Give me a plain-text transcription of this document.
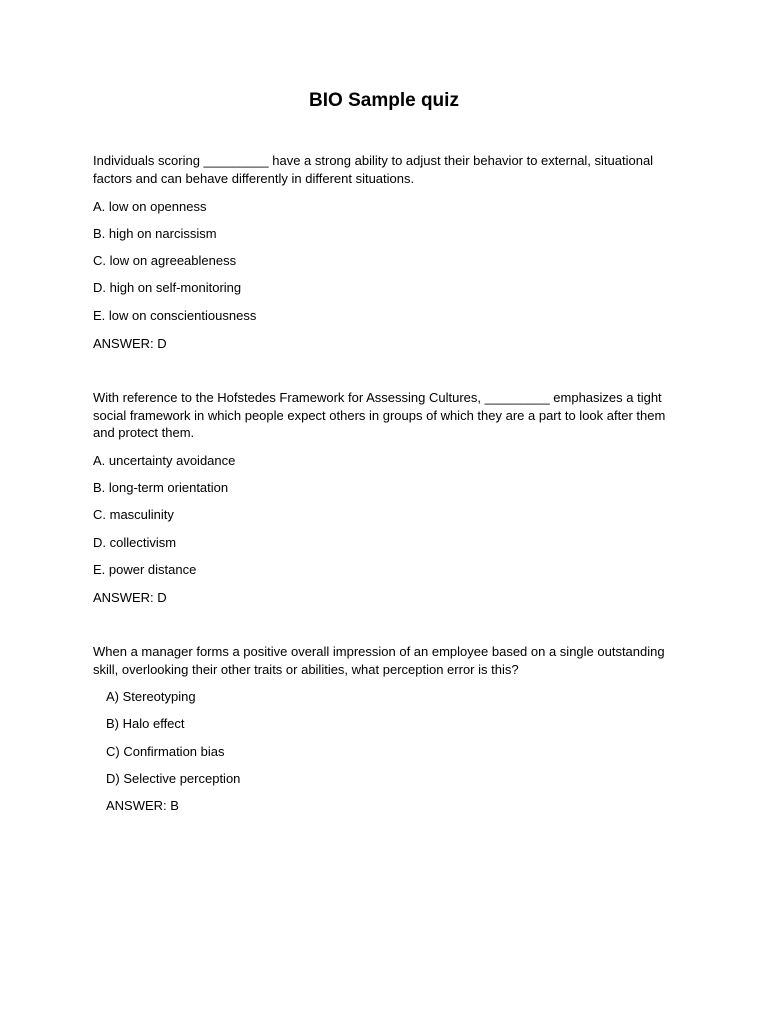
BIO Sample quiz
Individuals scoring _________ have a strong ability to adjust their behavior to external, situational
factors and can behave differently in different situations.
A. low on openness
B. high on narcissism
C. low on agreeableness
D. high on self-monitoring
E. low on conscientiousness
ANSWER: D
With reference to the Hofstedes Framework for Assessing Cultures, _________ emphasizes a tight
social framework in which people expect others in groups of which they are a part to look after them
and protect them.
A. uncertainty avoidance
B. long-term orientation
C. masculinity
D. collectivism
E. power distance
ANSWER: D
When a manager forms a positive overall impression of an employee based on a single outstanding
skill, overlooking their other traits or abilities, what perception error is this?
A) Stereotyping
B) Halo effect
C) Confirmation bias
D) Selective perception
ANSWER: B
